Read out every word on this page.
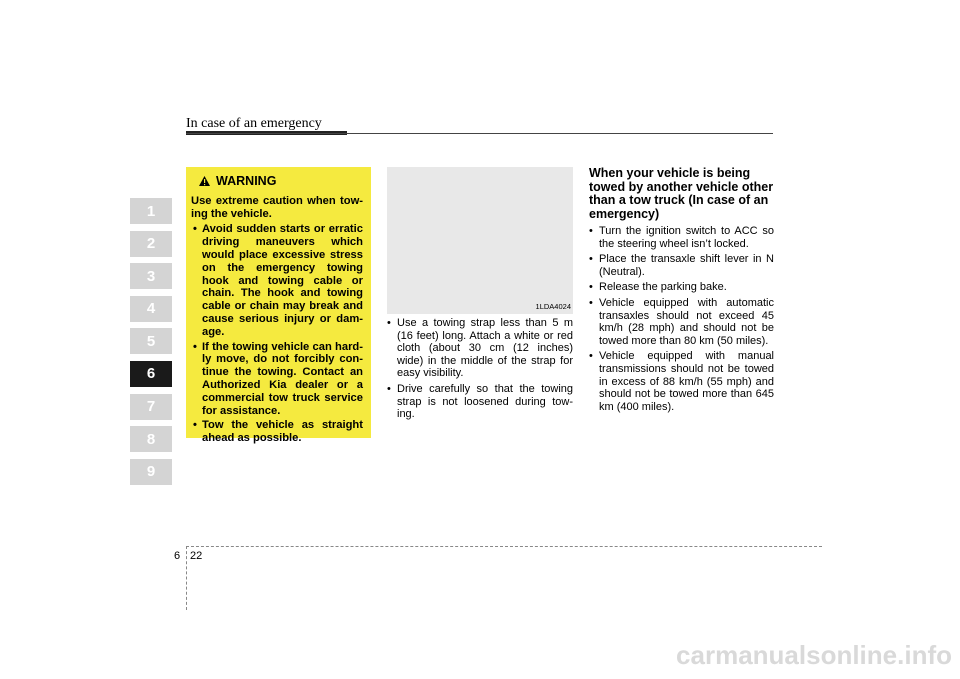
In case of an emergency
1
2
3
4
5
6
7
8
9
WARNING
Use extreme caution when tow-ing the vehicle.
• Avoid sudden starts or erratic driving maneuvers which would place excessive stress on the emergency towing hook and towing cable or chain. The hook and towing cable or chain may break and cause serious injury or dam-age.
• If the towing vehicle can hard-ly move, do not forcibly con-tinue the towing. Contact an Authorized Kia dealer or a commercial tow truck service for assistance.
• Tow the vehicle as straight ahead as possible.
1LDA4024
• Use a towing strap less than 5 m (16 feet) long. Attach a white or red cloth (about 30 cm (12 inches) wide) in the middle of the strap for easy visibility.
• Drive carefully so that the towing strap is not loosened during tow-ing.
When your vehicle is being towed by another vehicle other than a tow truck (In case of an emergency)
• Turn the ignition switch to ACC so the steering wheel isn’t locked.
• Place the transaxle shift lever in N (Neutral).
• Release the parking bake.
• Vehicle equipped with automatic transaxles should not exceed 45 km/h (28 mph) and should not be towed more than 80 km (50 miles).
• Vehicle equipped with manual transmissions should not be towed in excess of 88 km/h (55 mph) and should not be towed more than 645 km (400 miles).
6 22
carmanualsonline.info
